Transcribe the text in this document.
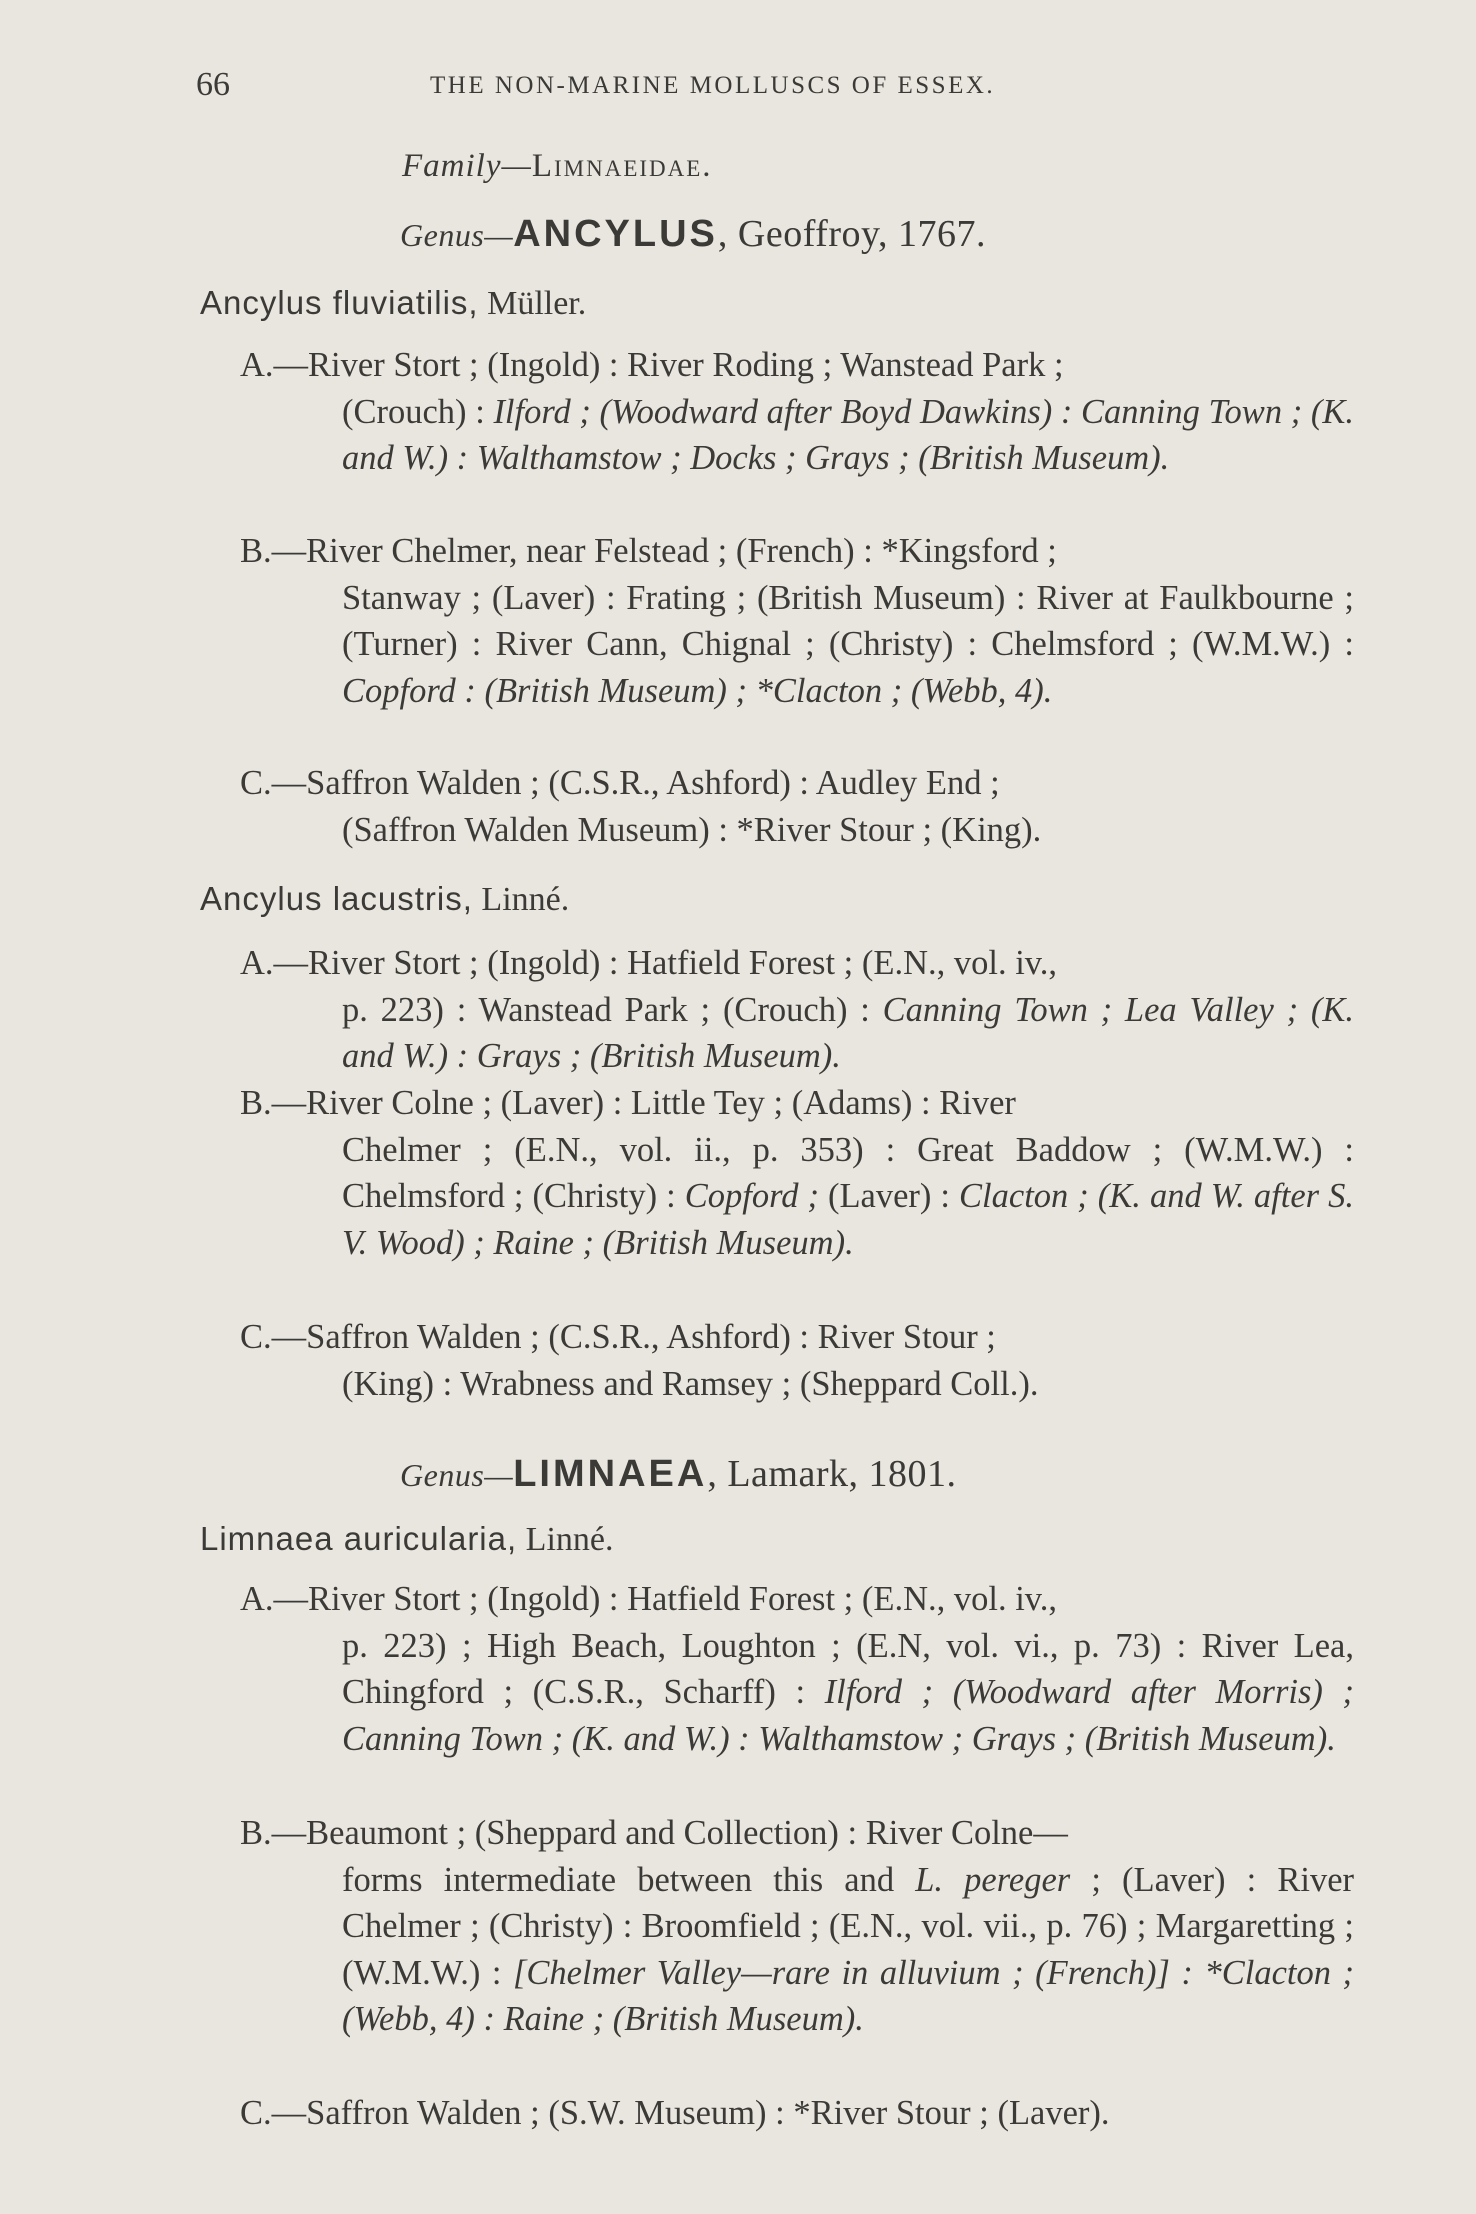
66	THE NON-MARINE MOLLUSCS OF ESSEX.
Family—Limnaeidae.
Genus—ANCYLUS, Geoffroy, 1767.
Ancylus fluviatilis, Müller.
A.—River Stort ; (Ingold) : River Roding ; Wanstead Park ;
(Crouch) : Ilford ; (Woodward after Boyd Dawkins) : Canning Town ; (K. and W.) : Walthamstow ; Docks ; Grays ; (British Museum).
B.—River Chelmer, near Felstead ; (French) : *Kingsford ;
Stanway ; (Laver) : Frating ; (British Museum) : River at Faulkbourne ; (Turner) : River Cann, Chignal ; (Christy) : Chelmsford ; (W.M.W.) : Copford : (British Museum) ; *Clacton ; (Webb, 4).
C.—Saffron Walden ; (C.S.R., Ashford) : Audley End ;
(Saffron Walden Museum) : *River Stour ; (King).
Ancylus lacustris, Linné.
A.—River Stort ; (Ingold) : Hatfield Forest ; (E.N., vol. iv.,
p. 223) : Wanstead Park ; (Crouch) : Canning Town ; Lea Valley ; (K. and W.) : Grays ; (British Museum).
B.—River Colne ; (Laver) : Little Tey ; (Adams) : River
Chelmer ; (E.N., vol. ii., p. 353) : Great Baddow ; (W.M.W.) : Chelmsford ; (Christy) : Copford ; (Laver) : Clacton ; (K. and W. after S. V. Wood) ; Raine ; (British Museum).
C.—Saffron Walden ; (C.S.R., Ashford) : River Stour ;
(King) : Wrabness and Ramsey ; (Sheppard Coll.).
Genus—LIMNAEA, Lamark, 1801.
Limnaea auricularia, Linné.
A.—River Stort ; (Ingold) : Hatfield Forest ; (E.N., vol. iv.,
p. 223) ; High Beach, Loughton ; (E.N, vol. vi., p. 73) : River Lea, Chingford ; (C.S.R., Scharff) : Ilford ; (Woodward after Morris) ; Canning Town ; (K. and W.) : Walthamstow ; Grays ; (British Museum).
B.—Beaumont ; (Sheppard and Collection) : River Colne—
forms intermediate between this and L. pereger ; (Laver) : River Chelmer ; (Christy) : Broomfield ; (E.N., vol. vii., p. 76) ; Margaretting ; (W.M.W.) : [Chelmer Valley—rare in alluvium ; (French)] : *Clacton ; (Webb, 4) : Raine ; (British Museum).
C.—Saffron Walden ; (S.W. Museum) : *River Stour ; (Laver).
